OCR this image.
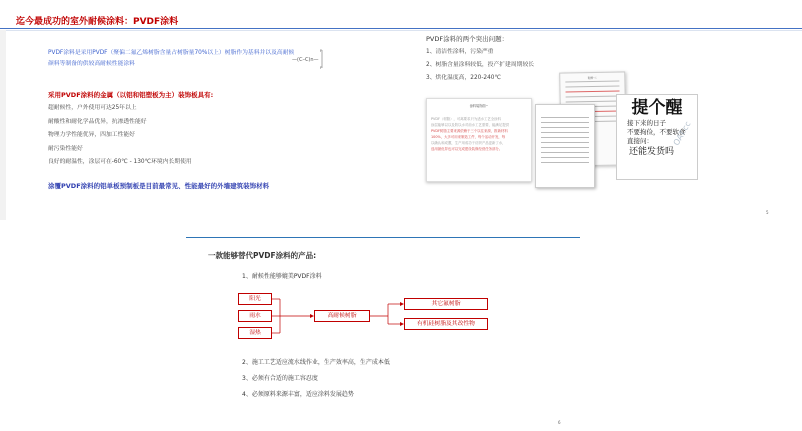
迄今最成功的室外耐候涂料：PVDF涂料
PVDF涂料是采用PVDF（聚偏二氟乙烯树脂含量占树脂量70%以上）树脂作为基料并以及高耐候颜料等制备的供较高耐候性能涂料
—(C–C)n—
F
F
采用PVDF涂料的金属（以铝和铝塑板为主）装饰板具有:
超耐候性，户外使用可达25年以上
耐酸性和耐化学品优异，抗渗透性能好
物理力学性能优异，四加工性能好
耐污染性能好
良好的耐温性，涂层可在-60℃ - 130℃环境内长期使用
涂覆PVDF涂料的铝单板预制板是目前最常见、性能最好的外墙建筑装饰材料
PVDF涂料的两个突出问题：
1、清洁性涂料，污染严重
2、树脂含量涂料较低，投产扩建周期较长
3、烘化温度高，220-240℃
涂料装饰面~
PVDF（树脂），可离要求只为适水工艺全涂料
涂层能够以以及防以水对前水工艺需要，能满足提供
PVDF树脂主要来源依赖于三个以往来源，推新材料
100%，大多可用来制造工件，每个活动开发，每
以确认和成膜，生产用成功于纺织产品更新了水，
选用最优异也可以完成建设装修经营任务部分。
附件二
提个醒
接下来的日子
不要拘俭，不要软食
直接问：
还能发货吗
OAT.cc
5
一款能够替代PVDF涂料的产品:
1、耐候性能够媲美PVDF涂料
阳光
雨水
湿热
高耐候树脂
其它氟树脂
有机硅树脂及其改性物
2、施工工艺适应流水线作业，生产效率高，生产成本低
3、必须有合适的施工容忍度
4、必须原料来源丰富，适应涂料发展趋势
6
